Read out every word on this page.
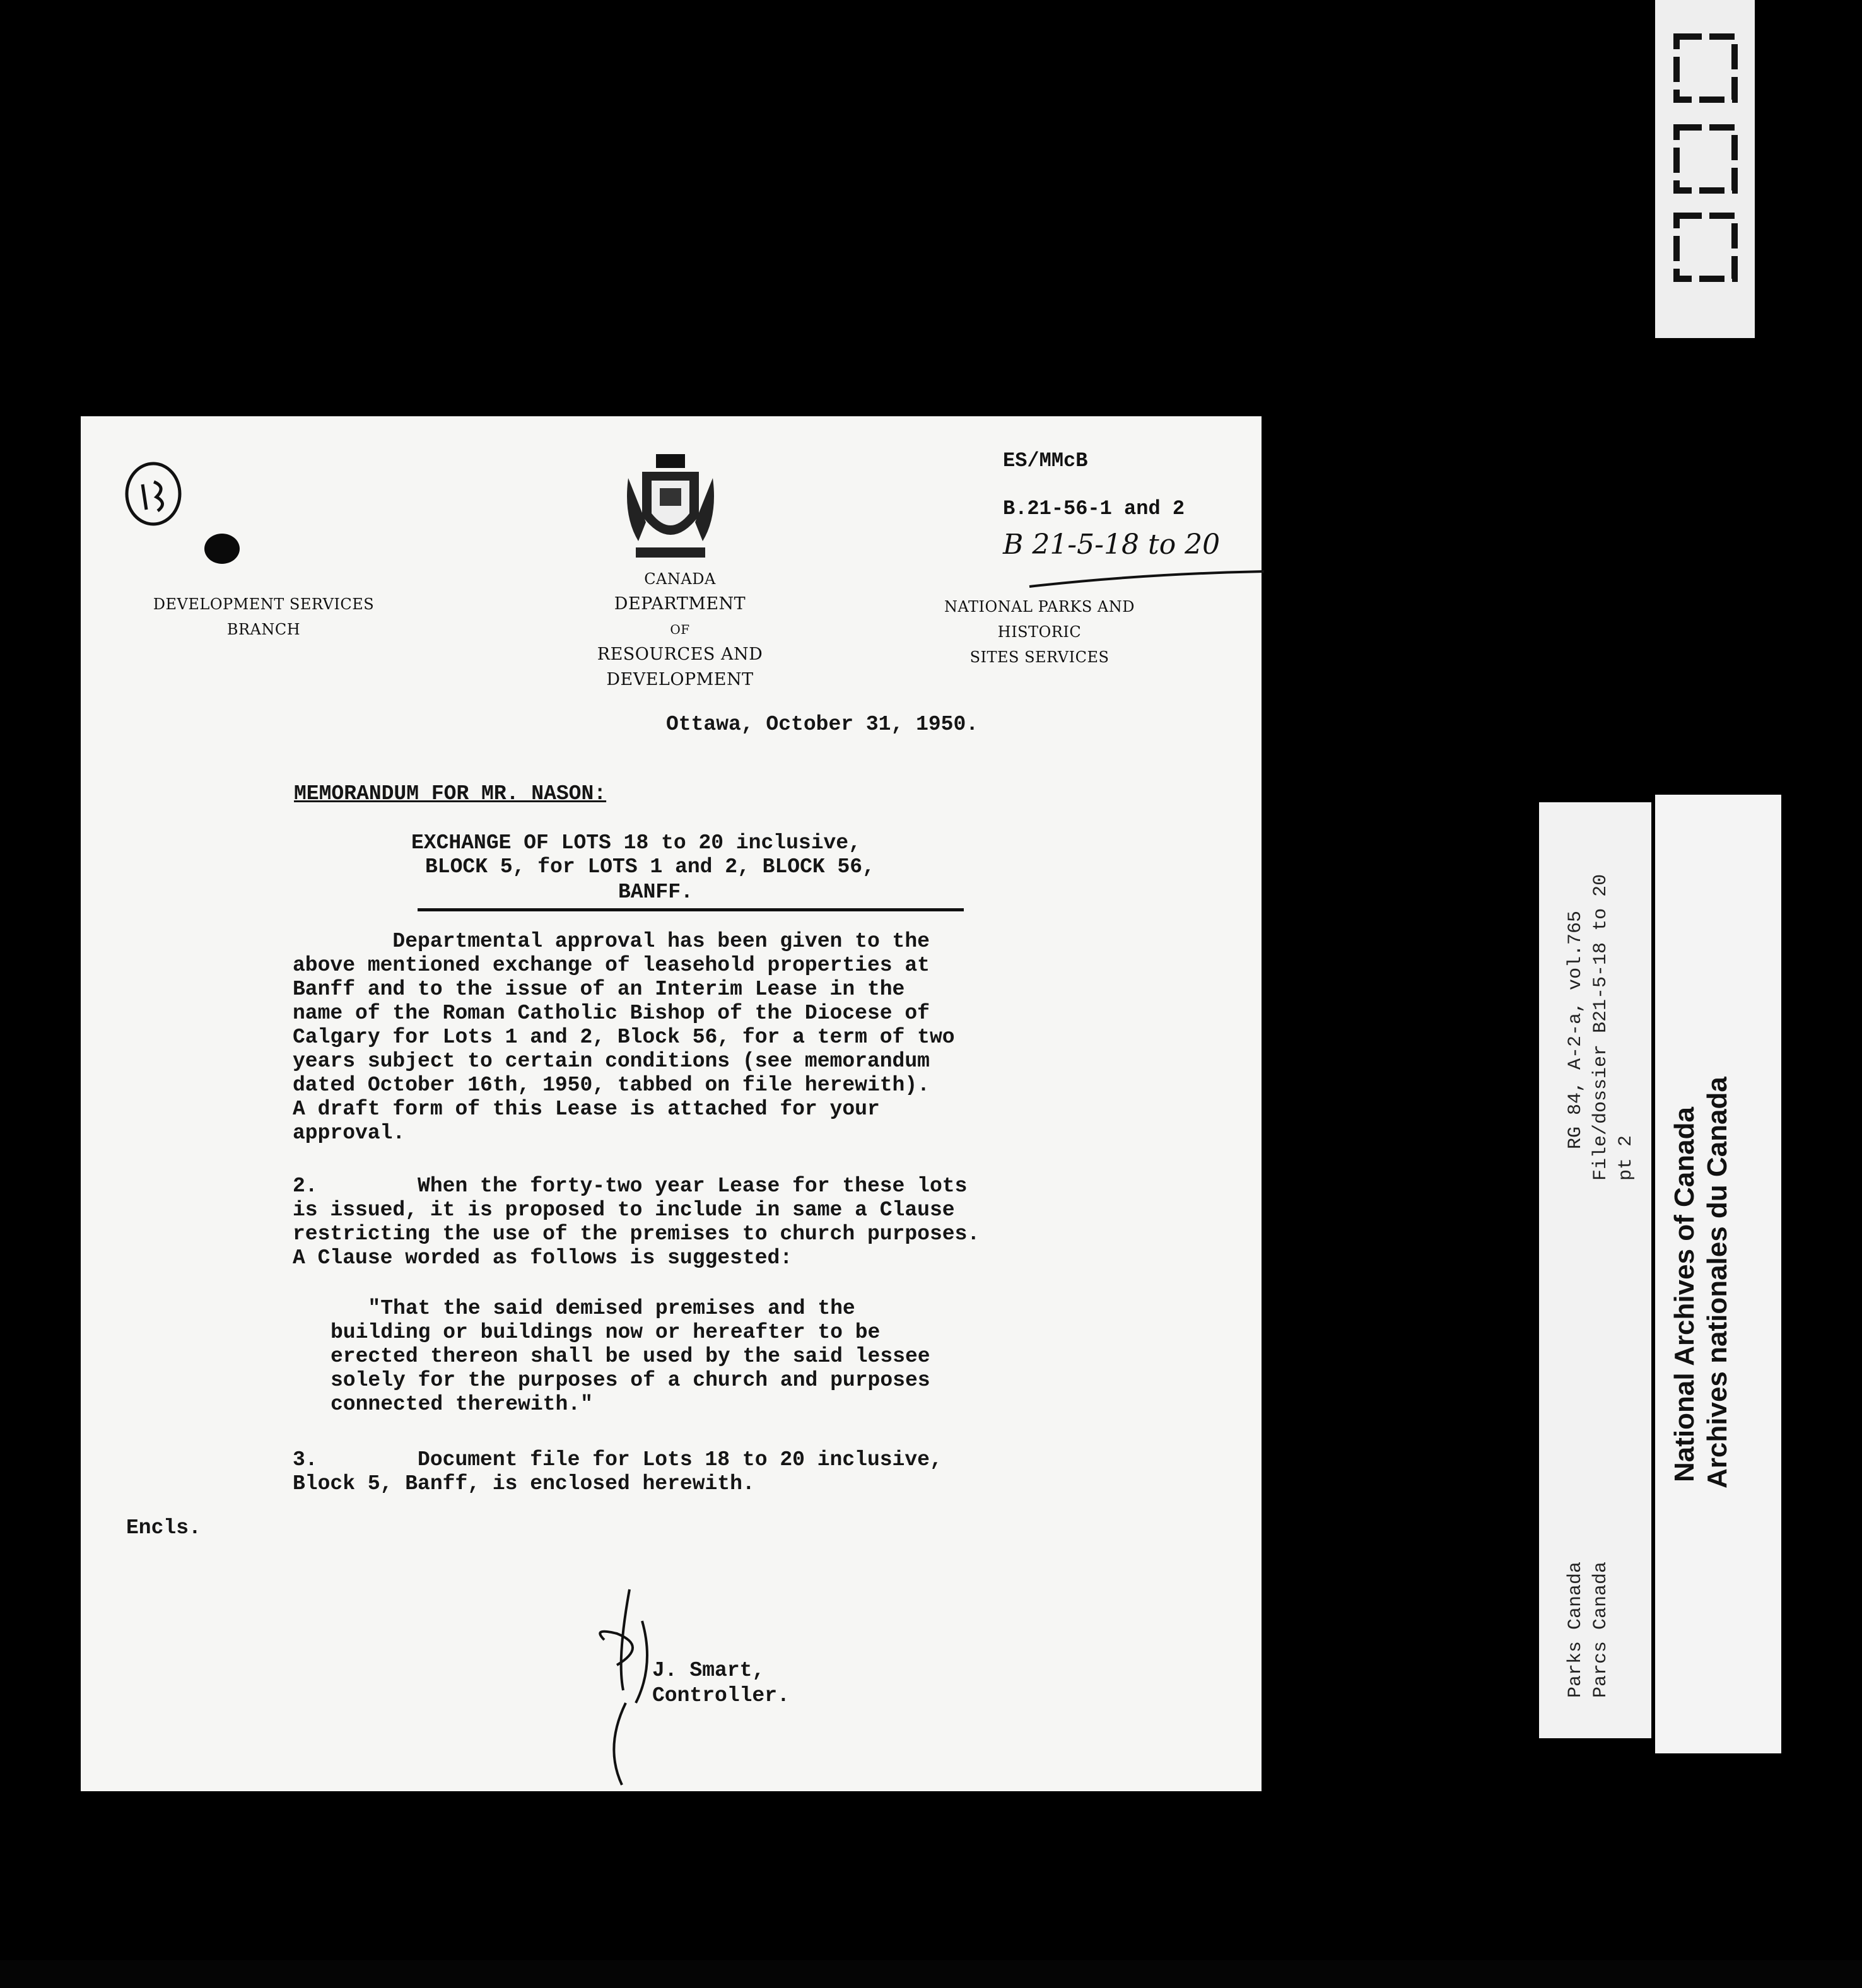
DEVELOPMENT SERVICES
BRANCH
CANADA
DEPARTMENT
OF
RESOURCES AND DEVELOPMENT
NATIONAL PARKS AND HISTORIC
SITES SERVICES
ES/MMcB
B.21-56-1 and 2
B 21-5-18 to 20
Ottawa, October 31, 1950.
MEMORANDUM FOR MR. NASON:
EXCHANGE OF LOTS 18 to 20 inclusive,
BLOCK 5, for LOTS 1 and 2, BLOCK 56,
BANFF.
Departmental approval has been given to the
above mentioned exchange of leasehold properties at
Banff and to the issue of an Interim Lease in the
name of the Roman Catholic Bishop of the Diocese of
Calgary for Lots 1 and 2, Block 56, for a term of two
years subject to certain conditions (see memorandum
dated October 16th, 1950, tabbed on file herewith).
A draft form of this Lease is attached for your
approval.
2.        When the forty-two year Lease for these lots
is issued, it is proposed to include in same a Clause
restricting the use of the premises to church purposes.
A Clause worded as follows is suggested:
"That the said demised premises and the
building or buildings now or hereafter to be
erected thereon shall be used by the said lessee
solely for the purposes of a church and purposes
connected therewith."
3.        Document file for Lots 18 to 20 inclusive,
Block 5, Banff, is enclosed herewith.
Encls.
J. Smart,
Controller.
RG 84, A-2-a, vol.765 File/dossier B21-5-18 to 20 pt 2
Parks Canada Parcs Canada
National Archives of Canada Archives nationales du Canada
